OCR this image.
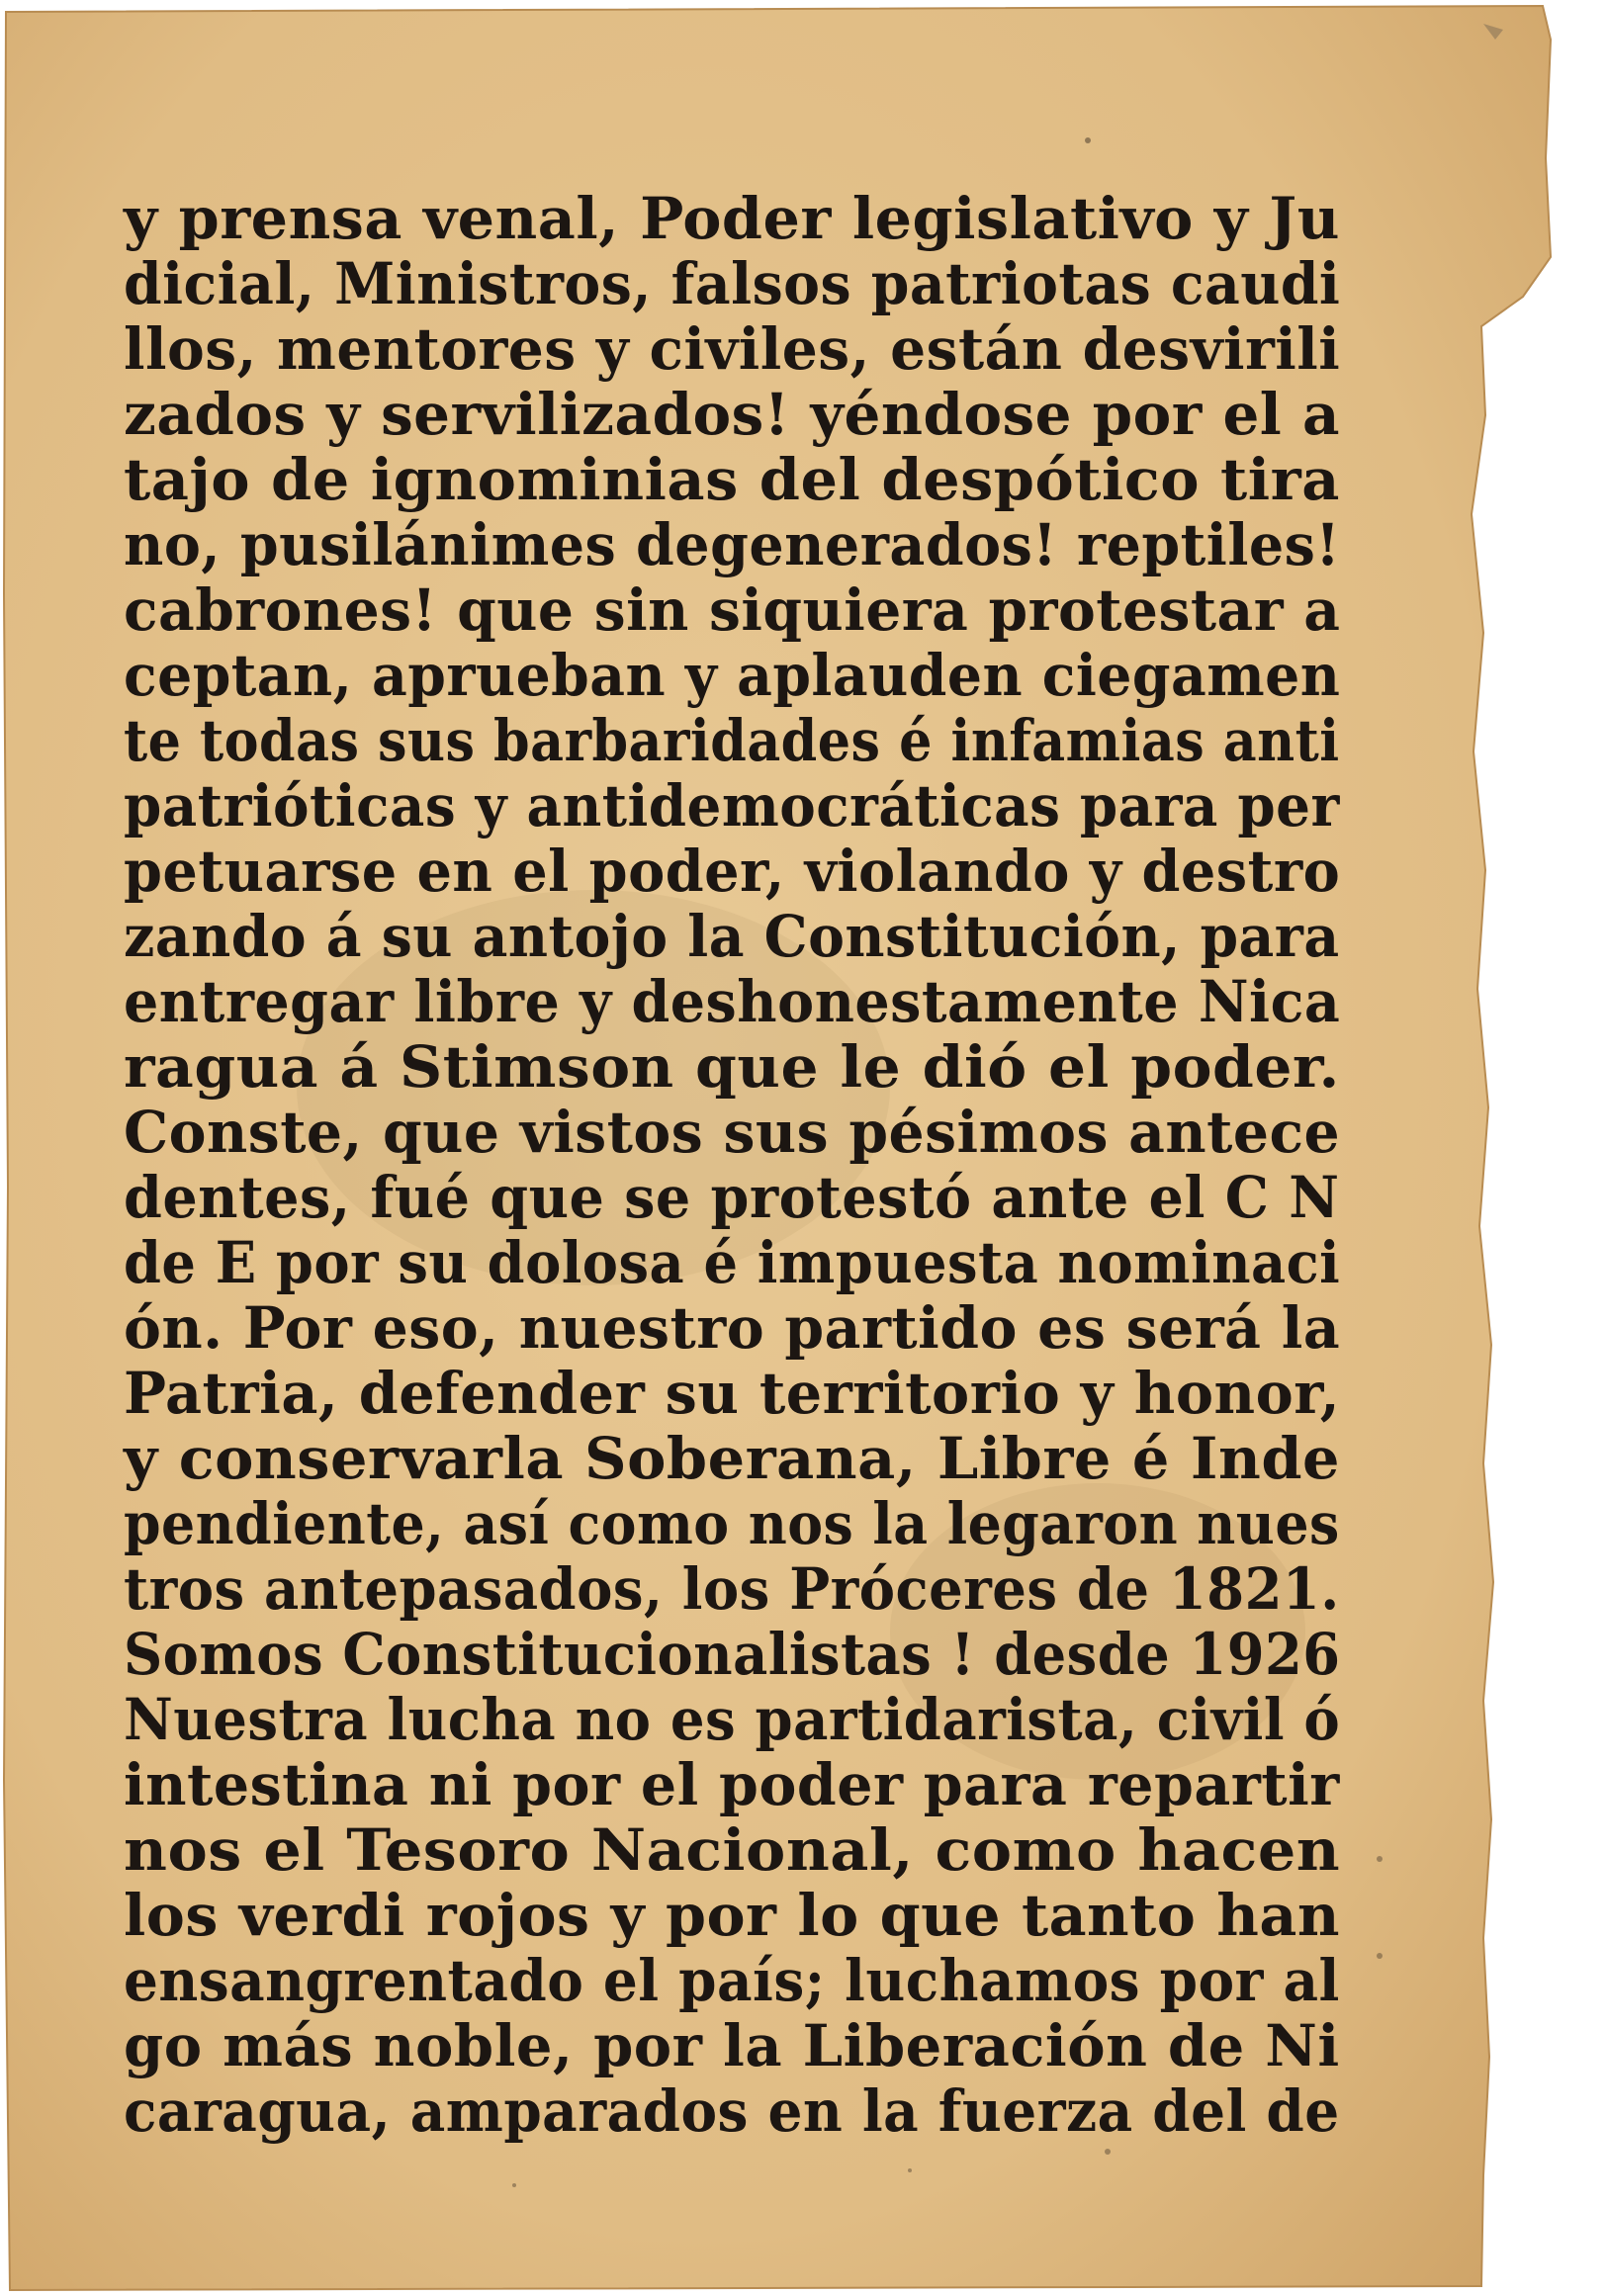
y prensa venal, Poder legislativo y Ju
dicial, Ministros, falsos patriotas caudi
llos, mentores y civiles, están desvirili
zados y servilizados! yéndose por el a
tajo de ignominias del despótico tira
no, pusilánimes degenerados! reptiles!
cabrones! que sin siquiera protestar a
ceptan, aprueban y aplauden ciegamen
te todas sus barbaridades é infamias anti
patrióticas y antidemocráticas para per
petuarse en el poder, violando y destro
zando á su antojo la Constitución, para
entregar libre y deshonestamente Nica
ragua á Stimson que le dió el poder.
Conste, que vistos sus pésimos antece
dentes, fué que se protestó ante el C N
de E por su dolosa é impuesta nominaci
ón. Por eso, nuestro partido es será la
Patria, defender su territorio y honor,
y conservarla Soberana, Libre é Inde
pendiente, así como nos la legaron nues
tros antepasados, los Próceres de 1821.
Somos Constitucionalistas ! desde 1926
Nuestra lucha no es partidarista, civil ó
intestina ni por el poder para repartir
nos el Tesoro Nacional, como hacen
los verdi rojos y por lo que tanto han
ensangrentado el país; luchamos por al
go más noble, por la Liberación de Ni
caragua, amparados en la fuerza del de
